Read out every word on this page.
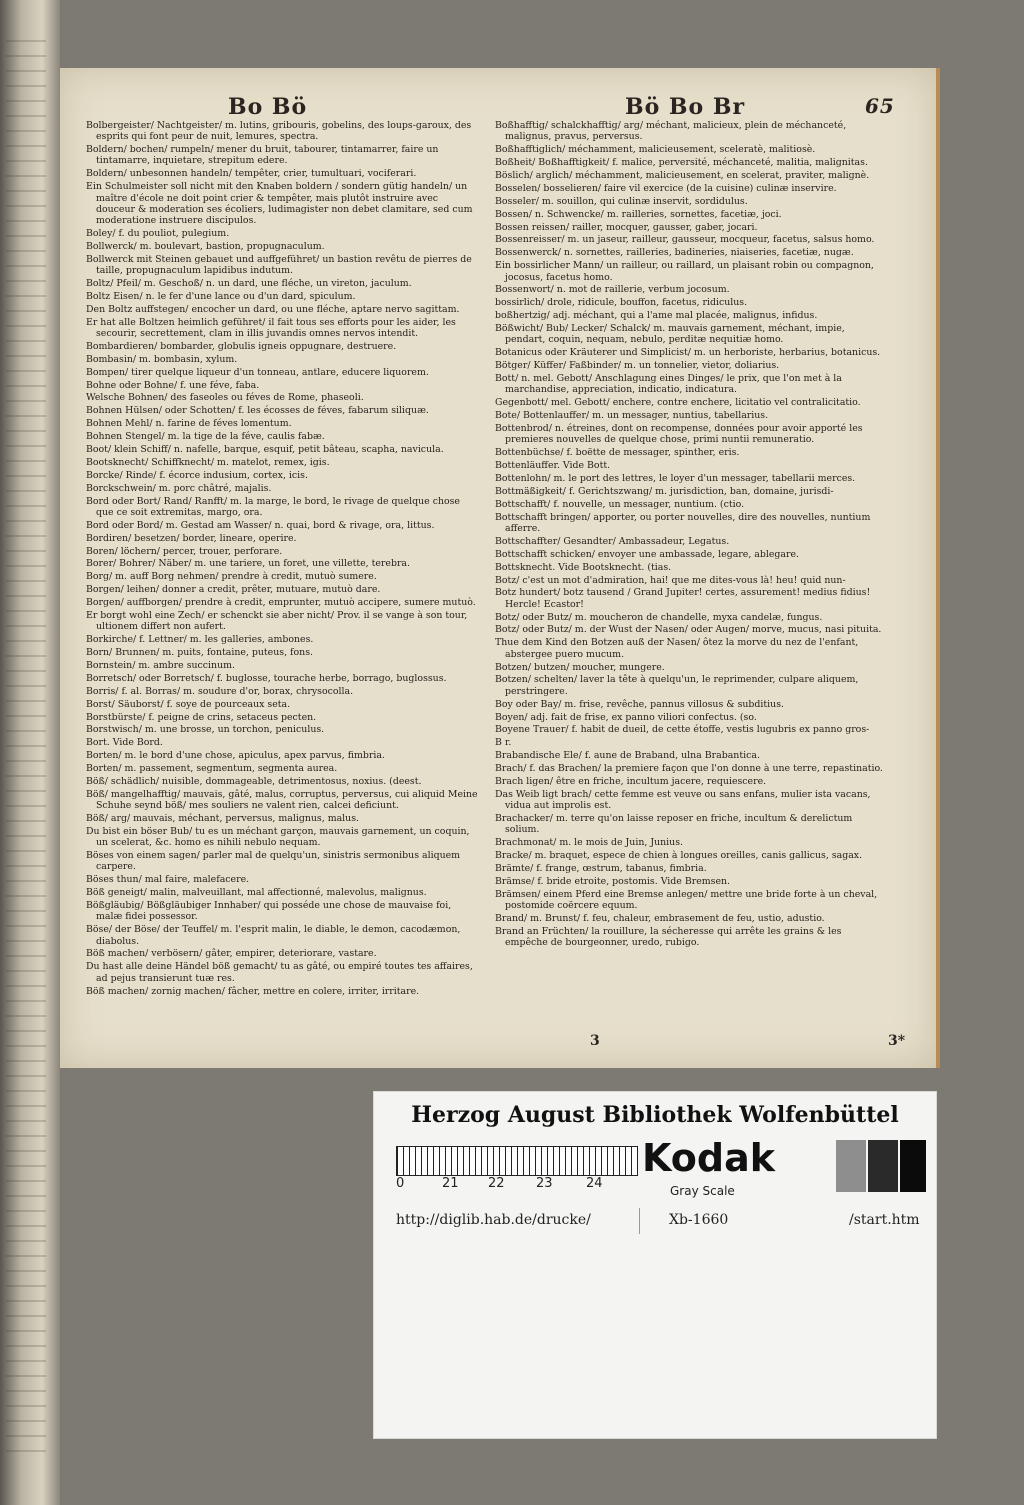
Bo Bö	Bö Bo Br	65
Bolbergeister/ Nachtgeister/ m. lutins, gribouris, gobelins, des loups-garoux, des esprits qui font peur de nuit, lemures, spectra.
Boldern/ bochen/ rumpeln/ mener du bruit, tabourer, tintamarrer, faire un tintamarre, inquietare, strepitum edere.
Boldern/ unbesonnen handeln/ tempêter, crier, tumultuari, vociferari.
Ein Schulmeister soll nicht mit den Knaben boldern / sondern gütig handeln/ un maître d'école ne doit point crier & tempêter, mais plutôt instruire avec douceur & moderation ses écoliers, ludimagister non debet clamitare, sed cum moderatione instruere discipulos.
Boley/ f. du pouliot, pulegium.
Bollwerck/ m. boulevart, bastion, propugnaculum.
Bollwerck mit Steinen gebauet und auffgeführet/ un bastion revêtu de pierres de taille, propugnaculum lapidibus indutum.
Boltz/ Pfeil/ m. Geschoß/ n. un dard, une fléche, un vireton, jaculum.
Boltz Eisen/ n. le fer d'une lance ou d'un dard, spiculum.
Den Boltz auffstegen/ encocher un dard, ou une fléche, aptare nervo sagittam.
Er hat alle Boltzen heimlich geführet/ il fait tous ses efforts pour les aider, les secourir, secrettement, clam in illis juvandis omnes nervos intendit.
Bombardieren/ bombarder, globulis igneis oppugnare, destruere.
Bombasin/ m. bombasin, xylum.
Bompen/ tirer quelque liqueur d'un tonneau, antlare, educere liquorem.
Bohne oder Bohne/ f. une féve, faba.
Welsche Bohnen/ des faseoles ou féves de Rome, phaseoli.
Bohnen Hülsen/ oder Schotten/ f. les écosses de féves, fabarum siliquæ.
Bohnen Mehl/ n. farine de féves lomentum.
Bohnen Stengel/ m. la tige de la féve, caulis fabæ.
Boot/ klein Schiff/ n. nafelle, barque, esquif, petit bâteau, scapha, navicula.
Bootsknecht/ Schiffknecht/ m. matelot, remex, igis.
Borcke/ Rinde/ f. écorce indusium, cortex, icis.
Borckschwein/ m. porc châtré, majalis.
Bord oder Bort/ Rand/ Ranfft/ m. la marge, le bord, le rivage de quelque chose que ce soit extremitas, margo, ora.
Bord oder Bord/ m. Gestad am Wasser/ n. quai, bord & rivage, ora, littus.
Bordiren/ besetzen/ border, lineare, operire.
Boren/ löchern/ percer, trouer, perforare.
Borer/ Bohrer/ Näber/ m. une tariere, un foret, une villette, terebra.
Borg/ m. auff Borg nehmen/ prendre à credit, mutuò sumere.
Borgen/ leihen/ donner a credit, prêter, mutuare, mutuò dare.
Borgen/ auffborgen/ prendre à credit, emprunter, mutuò accipere, sumere mutuò.
Er borgt wohl eine Zech/ er schenckt sie aber nicht/ Prov. il se vange à son tour, ultionem differt non aufert.
Borkirche/ f. Lettner/ m. les galleries, ambones.
Born/ Brunnen/ m. puits, fontaine, puteus, fons.
Bornstein/ m. ambre succinum.
Borretsch/ oder Borretsch/ f. buglosse, tourache herbe, borrago, buglossus.
Borris/ f. al. Borras/ m. soudure d'or, borax, chrysocolla.
Borst/ Säuborst/ f. soye de pourceaux seta.
Borstbürste/ f. peigne de crins, setaceus pecten.
Borstwisch/ m. une brosse, un torchon, peniculus.
Bort. Vide Bord.
Borten/ m. le bord d'une chose, apiculus, apex parvus, fimbria.
Borten/ m. passement, segmentum, segmenta aurea.
Böß/ schädlich/ nuisible, dommageable, detrimentosus, noxius. (deest.
Böß/ mangelhafftig/ mauvais, gâté, malus, corruptus, perversus, cui aliquid Meine Schuhe seynd böß/ mes souliers ne valent rien, calcei deficiunt.
Böß/ arg/ mauvais, méchant, perversus, malignus, malus.
Du bist ein böser Bub/ tu es un méchant garçon, mauvais garnement, un coquin, un scelerat, &c. homo es nihili nebulo nequam.
Böses von einem sagen/ parler mal de quelqu'un, sinistris sermonibus aliquem carpere.
Böses thun/ mal faire, malefacere.
Böß geneigt/ malin, malveuillant, mal affectionné, malevolus, malignus.
Bößgläubig/ Bößgläubiger Innhaber/ qui posséde une chose de mauvaise foi, malæ fidei possessor.
Böse/ der Böse/ der Teuffel/ m. l'esprit malin, le diable, le demon, cacodæmon, diabolus.
Böß machen/ verbösern/ gâter, empirer, deteriorare, vastare.
Du hast alle deine Händel böß gemacht/ tu as gâté, ou empiré toutes tes affaires, ad pejus transierunt tuæ res.
Böß machen/ zornig machen/ fâcher, mettre en colere, irriter, irritare.
Boßhafftig/ schalckhafftig/ arg/ méchant, malicieux, plein de méchanceté, malignus, pravus, perversus.
Boßhafftiglich/ méchamment, malicieusement, sceleratè, malitiosè.
Boßheit/ Boßhafftigkeit/ f. malice, perversité, méchanceté, malitia, malignitas.
Böslich/ arglich/ méchamment, malicieusement, en scelerat, praviter, malignè.
Bosselen/ bosselieren/ faire vil exercice (de la cuisine) culinæ inservire.
Bosseler/ m. souillon, qui culinæ inservit, sordidulus.
Bossen/ n. Schwencke/ m. railleries, sornettes, facetiæ, joci.
Bossen reissen/ railler, mocquer, gausser, gaber, jocari.
Bossenreisser/ m. un jaseur, railleur, gausseur, mocqueur, facetus, salsus homo.
Bossenwerck/ n. sornettes, railleries, badineries, niaiseries, facetiæ, nugæ.
Ein bossirlicher Mann/ un railleur, ou raillard, un plaisant robin ou compagnon, jocosus, facetus homo.
Bossenwort/ n. mot de raillerie, verbum jocosum.
bossirlich/ drole, ridicule, bouffon, facetus, ridiculus.
boßhertzig/ adj. méchant, qui a l'ame mal placée, malignus, infidus.
Bößwicht/ Bub/ Lecker/ Schalck/ m. mauvais garnement, méchant, impie, pendart, coquin, nequam, nebulo, perditæ nequitiæ homo.
Botanicus oder Kräuterer und Simplicist/ m. un herboriste, herbarius, botanicus.
Bötger/ Küffer/ Faßbinder/ m. un tonnelier, vietor, doliarius.
Bott/ n. mel. Gebott/ Anschlagung eines Dinges/ le prix, que l'on met à la marchandise, appreciation, indicatio, indicatura.
Gegenbott/ mel. Gebott/ enchere, contre enchere, licitatio vel contralicitatio.
Bote/ Bottenlauffer/ m. un messager, nuntius, tabellarius.
Bottenbrod/ n. étreines, dont on recompense, données pour avoir apporté les premieres nouvelles de quelque chose, primi nuntii remuneratio.
Bottenbüchse/ f. boëtte de messager, spinther, eris.
Bottenläuffer. Vide Bott.
Bottenlohn/ m. le port des lettres, le loyer d'un messager, tabellarii merces.
Bottmäßigkeit/ f. Gerichtszwang/ m. jurisdiction, ban, domaine, jurisdi-
Bottschafft/ f. nouvelle, un messager, nuntium. (ctio.
Bottschafft bringen/ apporter, ou porter nouvelles, dire des nouvelles, nuntium afferre.
Bottschaffter/ Gesandter/ Ambassadeur, Legatus.
Bottschafft schicken/ envoyer une ambassade, legare, ablegare.
Bottsknecht. Vide Bootsknecht. (tias.
Botz/ c'est un mot d'admiration, hai! que me dites-vous là! heu! quid nun-
Botz hundert/ botz tausend / Grand Jupiter! certes, assurement! medius fidius! Hercle! Ecastor!
Botz/ oder Butz/ m. moucheron de chandelle, myxa candelæ, fungus.
Botz/ oder Butz/ m. der Wust der Nasen/ oder Augen/ morve, mucus, nasi pituita.
Thue dem Kind den Botzen auß der Nasen/ ôtez la morve du nez de l'enfant, abstergee puero mucum.
Botzen/ butzen/ moucher, mungere.
Botzen/ schelten/ laver la tête à quelqu'un, le reprimender, culpare aliquem, perstringere.
Boy oder Bay/ m. frise, revêche, pannus villosus & subditius.
Boyen/ adj. fait de frise, ex panno viliori confectus. (so.
Boyene Trauer/ f. habit de dueil, de cette étoffe, vestis lugubris ex panno gros-
B r.
Brabandische Ele/ f. aune de Braband, ulna Brabantica.
Brach/ f. das Brachen/ la premiere façon que l'on donne à une terre, repastinatio.
Brach ligen/ être en friche, incultum jacere, requiescere.
Das Weib ligt brach/ cette femme est veuve ou sans enfans, mulier ista vacans, vidua aut improlis est.
Brachacker/ m. terre qu'on laisse reposer en friche, incultum & derelictum solium.
Brachmonat/ m. le mois de Juin, Junius.
Bracke/ m. braquet, espece de chien à longues oreilles, canis gallicus, sagax.
Brämte/ f. frange, œstrum, tabanus, fimbria.
Brämse/ f. bride etroite, postomis. Vide Bremsen.
Brämsen/ einem Pferd eine Bremse anlegen/ mettre une bride forte à un cheval, postomide coërcere equum.
Brand/ m. Brunst/ f. feu, chaleur, embrasement de feu, ustio, adustio.
Brand an Früchten/ la rouillure, la sécheresse qui arrête les grains & les empêche de bourgeonner, uredo, rubigo.
3	3*
Herzog August Bibliothek Wolfenbüttel
0	21 22 23	24
Kodak
Gray Scale
http://diglib.hab.de/drucke/	Xb-1660	/start.htm
